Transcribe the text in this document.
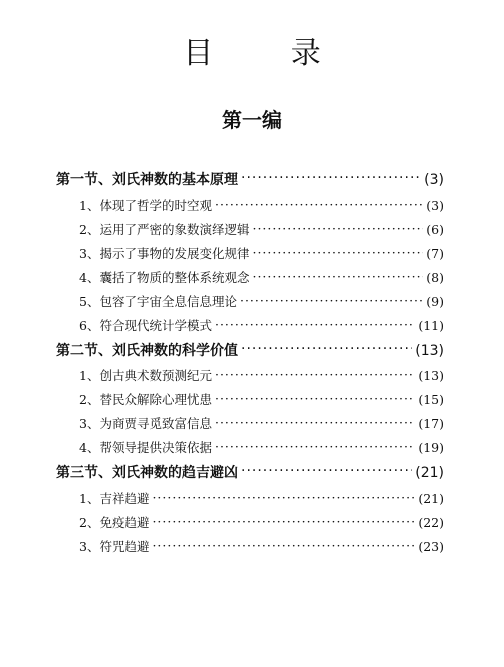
目 录
第一编
第一节、刘氏神数的基本原理 ·····	(3)
1、体现了哲学的时空观 ·····	(3)
2、运用了严密的象数演绎逻辑 ·····	(6)
3、揭示了事物的发展变化规律 ·····	(7)
4、囊括了物质的整体系统观念 ·····	(8)
5、包容了宇宙全息信息理论 ·····	(9)
6、符合现代统计学模式 ·····	(11)
第二节、刘氏神数的科学价值 ·····	(13)
1、创古典术数预测纪元 ·····	(13)
2、替民众解除心理忧患 ·····	(15)
3、为商贾寻觅致富信息 ·····	(17)
4、帮领导提供决策依据 ·····	(19)
第三节、刘氏神数的趋吉避凶 ·····	(21)
1、吉祥趋避 ·····	(21)
2、免疫趋避 ·····	(22)
3、符咒趋避 ·····	(23)
